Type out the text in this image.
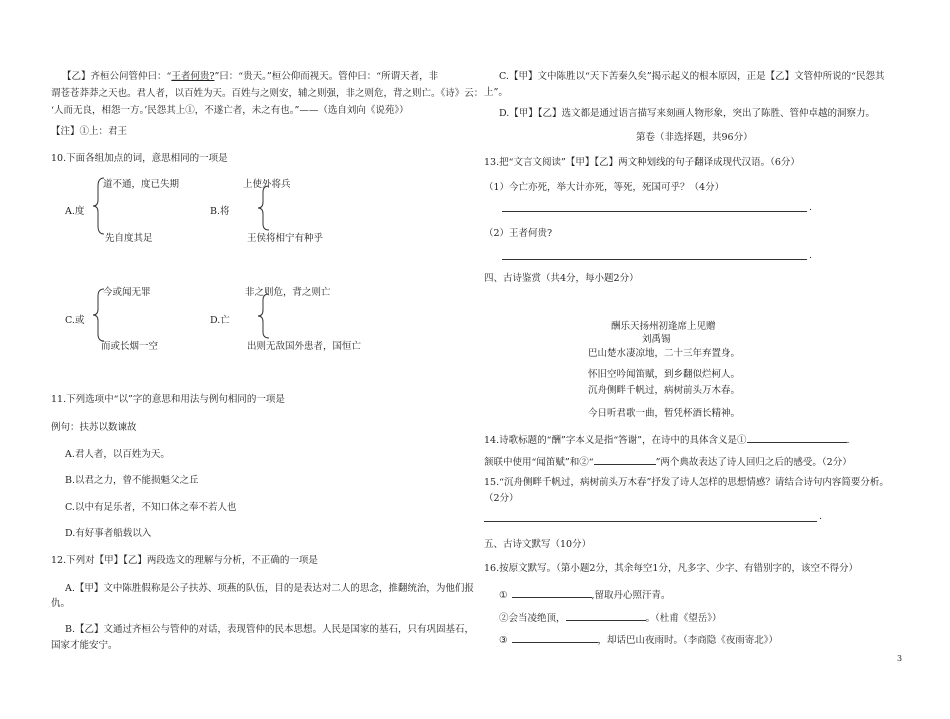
【乙】齐桓公问管仲曰：“王者何贵?”曰：“贵天。”桓公仰而视天。管仲曰：“所谓天者，非
谓苍苍莽莽之天也。君人者，以百姓为天。百姓与之则安，辅之则强，非之则危，背之则亡。《诗》云：
‘人而无良，相怨一方。’民怨其上①，不遂亡者，未之有也。”——（选自刘向《说苑》）
【注】①上：君王
10.下面各组加点的词，意思相同的一项是
道不通，度已失期
A.度
先自度其足
上使外将兵
B.将
王侯将相宁有种乎
今或闻无罪
C.或
而或长烟一空
非之则危，背之则亡
D.亡
出则无敌国外患者，国恒亡
11.下列选项中“以”字的意思和用法与例句相同的一项是
例句：扶苏以数谏故
A.君人者，以百姓为天。
B.以君之力，曾不能损魁父之丘
C.以中有足乐者，不知口体之奉不若人也
D.有好事者船载以入
12.下列对【甲】【乙】两段选文的理解与分析，不正确的一项是
A.【甲】文中陈胜假称是公子扶苏、项燕的队伍，目的是表达对二人的思念，推翻统治，为他们报
仇。
B.【乙】文通过齐桓公与管仲的对话，表现管仲的民本思想。人民是国家的基石，只有巩固基石，
国家才能安宁。
C.【甲】文中陈胜以“天下苦秦久矣”揭示起义的根本原因，正是【乙】文管仲所说的“民怨其
上”。
D.【甲】【乙】选文都是通过语言描写来刻画人物形象，突出了陈胜、管仲卓越的洞察力。
第卷（非选择题，共96分）
13.把“文言文阅读”【甲】【乙】两文种划线的句子翻译成现代汉语。（6分）
（1）今亡亦死，举大计亦死，等死，死国可乎？（4分）
.
（2）王者何贵?
.
四、古诗鉴赏（共4分，每小题2分）
酬乐天扬州初逢席上见赠
刘禹锡
巴山楚水凄凉地，二十三年弃置身。
怀旧空吟闻笛赋，到乡翻似烂柯人。
沉舟侧畔千帆过，病树前头万木春。
今日听君歌一曲，暂凭杯酒长精神。
14.诗歌标题的“酬”字本义是指“答谢”，在诗中的具体含义是①	.
颔联中使用“闻笛赋”和②“	”两个典故表达了诗人回归之后的感受。（2分）
15.“沉舟侧畔千帆过，病树前头万木春”抒发了诗人怎样的思想情感？请结合诗句内容简要分析。
（2分）
.
五、古诗文默写（10分）
16.按原文默写。（第小题2分，其余每空1分，凡多字、少字、有错别字的，该空不得分）
①	,留取丹心照汗青。
②会当凌绝顶，	。（杜甫《望岳》）
③	，却话巴山夜雨时。（李商隐《夜雨寄北》）
3
